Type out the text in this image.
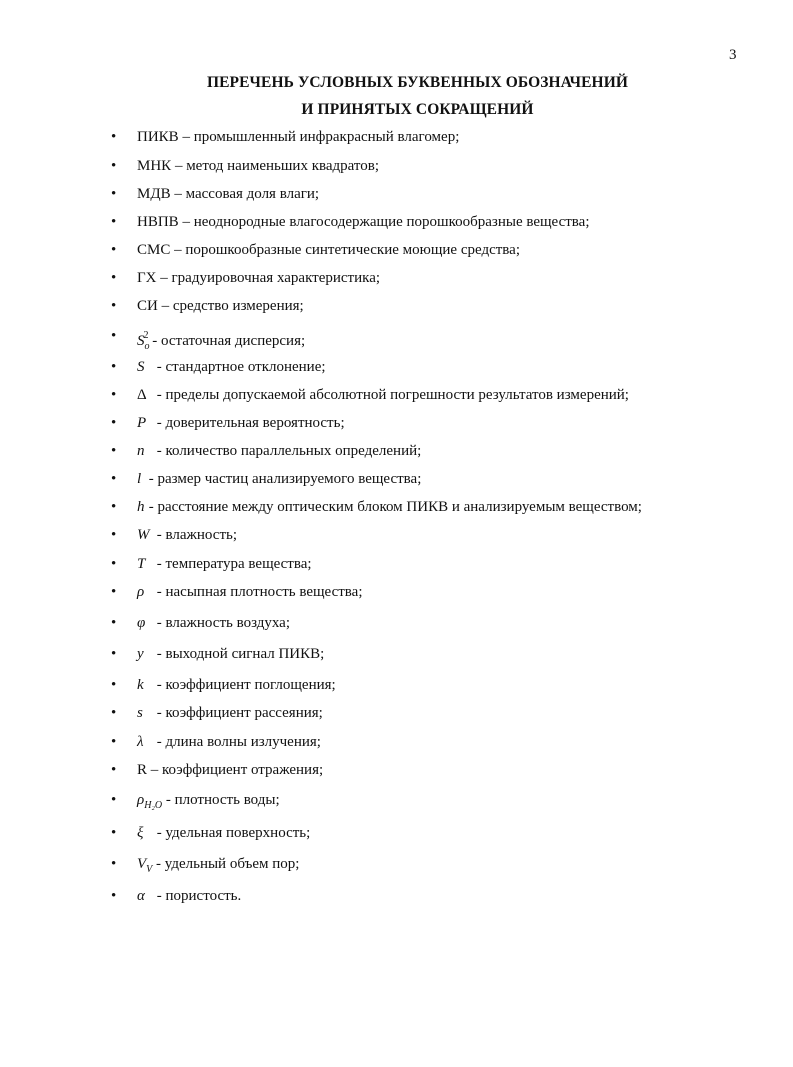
3
ПЕРЕЧЕНЬ УСЛОВНЫХ БУКВЕННЫХ ОБОЗНАЧЕНИЙ
И ПРИНЯТЫХ СОКРАЩЕНИЙ
• ПИКВ – промышленный инфракрасный влагомер;
• МНК – метод наименьших квадратов;
• МДВ – массовая доля влаги;
• НВПВ – неоднородные влагосодержащие порошкообразные вещества;
• СМС – порошкообразные синтетические моющие средства;
• ГХ – градуировочная характеристика;
• СИ – средство измерения;
• $S_o^2$ - остаточная дисперсия;
• S - стандартное отклонение;
• Δ - пределы допускаемой абсолютной погрешности результатов измерений;
• P - доверительная вероятность;
• n - количество параллельных определений;
• l - размер частиц анализируемого вещества;
• h - расстояние между оптическим блоком ПИКВ и анализируемым веществом;
• W - влажность;
• T - температура вещества;
• ρ - насыпная плотность вещества;
• φ - влажность воздуха;
• y - выходной сигнал ПИКВ;
• k - коэффициент поглощения;
• s - коэффициент рассеяния;
• λ - длина волны излучения;
• R – коэффициент отражения;
• $\rho_{H_2O}$ - плотность воды;
• ξ - удельная поверхность;
• $V_V$ - удельный объем пор;
• α - пористость.
